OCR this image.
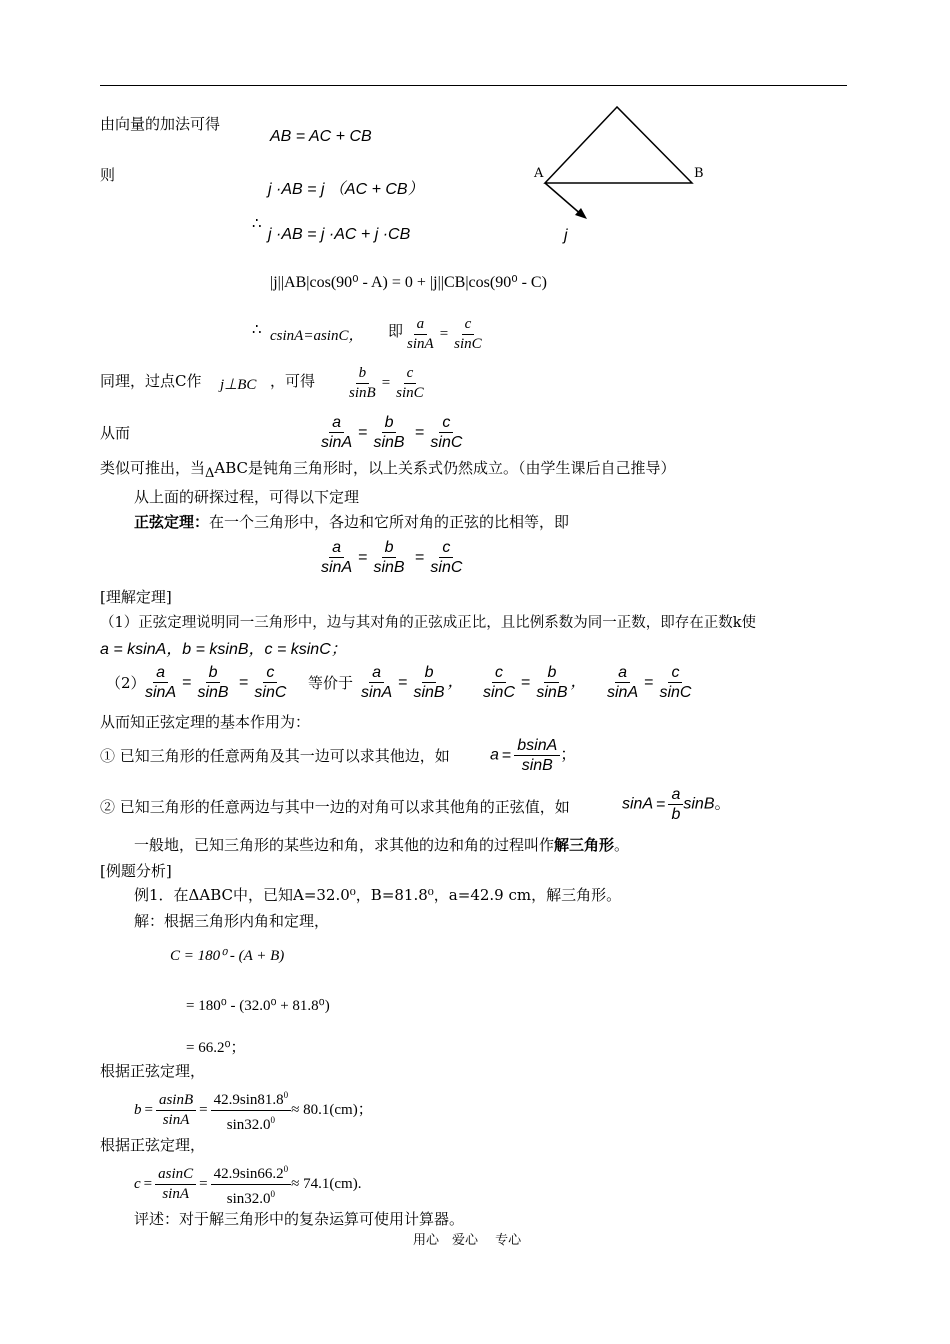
由向量的加法可得
AB = AC + CB
则
j ·AB = j （AC + CB）
A	B
j
∴
j ·AB = j ·AC + j ·CB
|j||AB|cos(90⁰ - A) = 0 + |j||CB|cos(90⁰ - C)
∴ csinA=asinC， 即 $\frac{a}{\sin A} = \frac{c}{\sin C}$
同理，过点C作 j⊥BC ，可得 $\frac{b}{\sin B} = \frac{c}{\sin C}$
从而	$\frac{a}{\sin A} = \frac{b}{\sin B} = \frac{c}{\sin C}$
类似可推出，当ΔABC是钝角三角形时，以上关系式仍然成立。（由学生课后自己推导）
从上面的研探过程，可得以下定理
正弦定理：在一个三角形中，各边和它所对角的正弦的比相等，即
$\frac{a}{\sin A} = \frac{b}{\sin B} = \frac{c}{\sin C}$
[理解定理]
（1）正弦定理说明同一三角形中，边与其对角的正弦成正比，且比例系数为同一正数，即存在正数k使
a = ksinA，b = ksinB，c = ksinC；
（2）
$\frac{a}{\sin A} = \frac{b}{\sin B} = \frac{c}{\sin C}$ 等价于 $\frac{a}{\sin A} = \frac{b}{\sin B}$ ， $\frac{c}{\sin C} = \frac{b}{\sin B}$ ， $\frac{a}{\sin A} = \frac{c}{\sin C}$
从而知正弦定理的基本作用为：
① 已知三角形的任意两角及其一边可以求其他边，如	$a = \frac{bsinA}{\sin B}$ ；
② 已知三角形的任意两边与其中一边的对角可以求其他角的正弦值，如	$\sin A = \frac{a}{b}$ sinB。
一般地，已知三角形的某些边和角，求其他的边和角的过程叫作解三角形。
[例题分析]
例1．在ΔABC中，已知A=32.0⁰，B=81.8⁰，a=42.9 cm，解三角形。
解：根据三角形内角和定理，
C = 180⁰ - (A + B)
= 180⁰ - (32.0⁰ + 81.8⁰)
= 66.2⁰；
根据正弦定理，
$b = \frac{asinB}{\sin A} = \frac{42.9\sin 81.8^0}{\sin 32.0^0} \approx 80.1(cm)$；
根据正弦定理，
$c = \frac{asinC}{\sin A} = \frac{42.9\sin 66.2^0}{\sin 32.0^0} \approx 74.1(cm)$.
评述：对于解三角形中的复杂运算可使用计算器。
用心　爱心　 专心
